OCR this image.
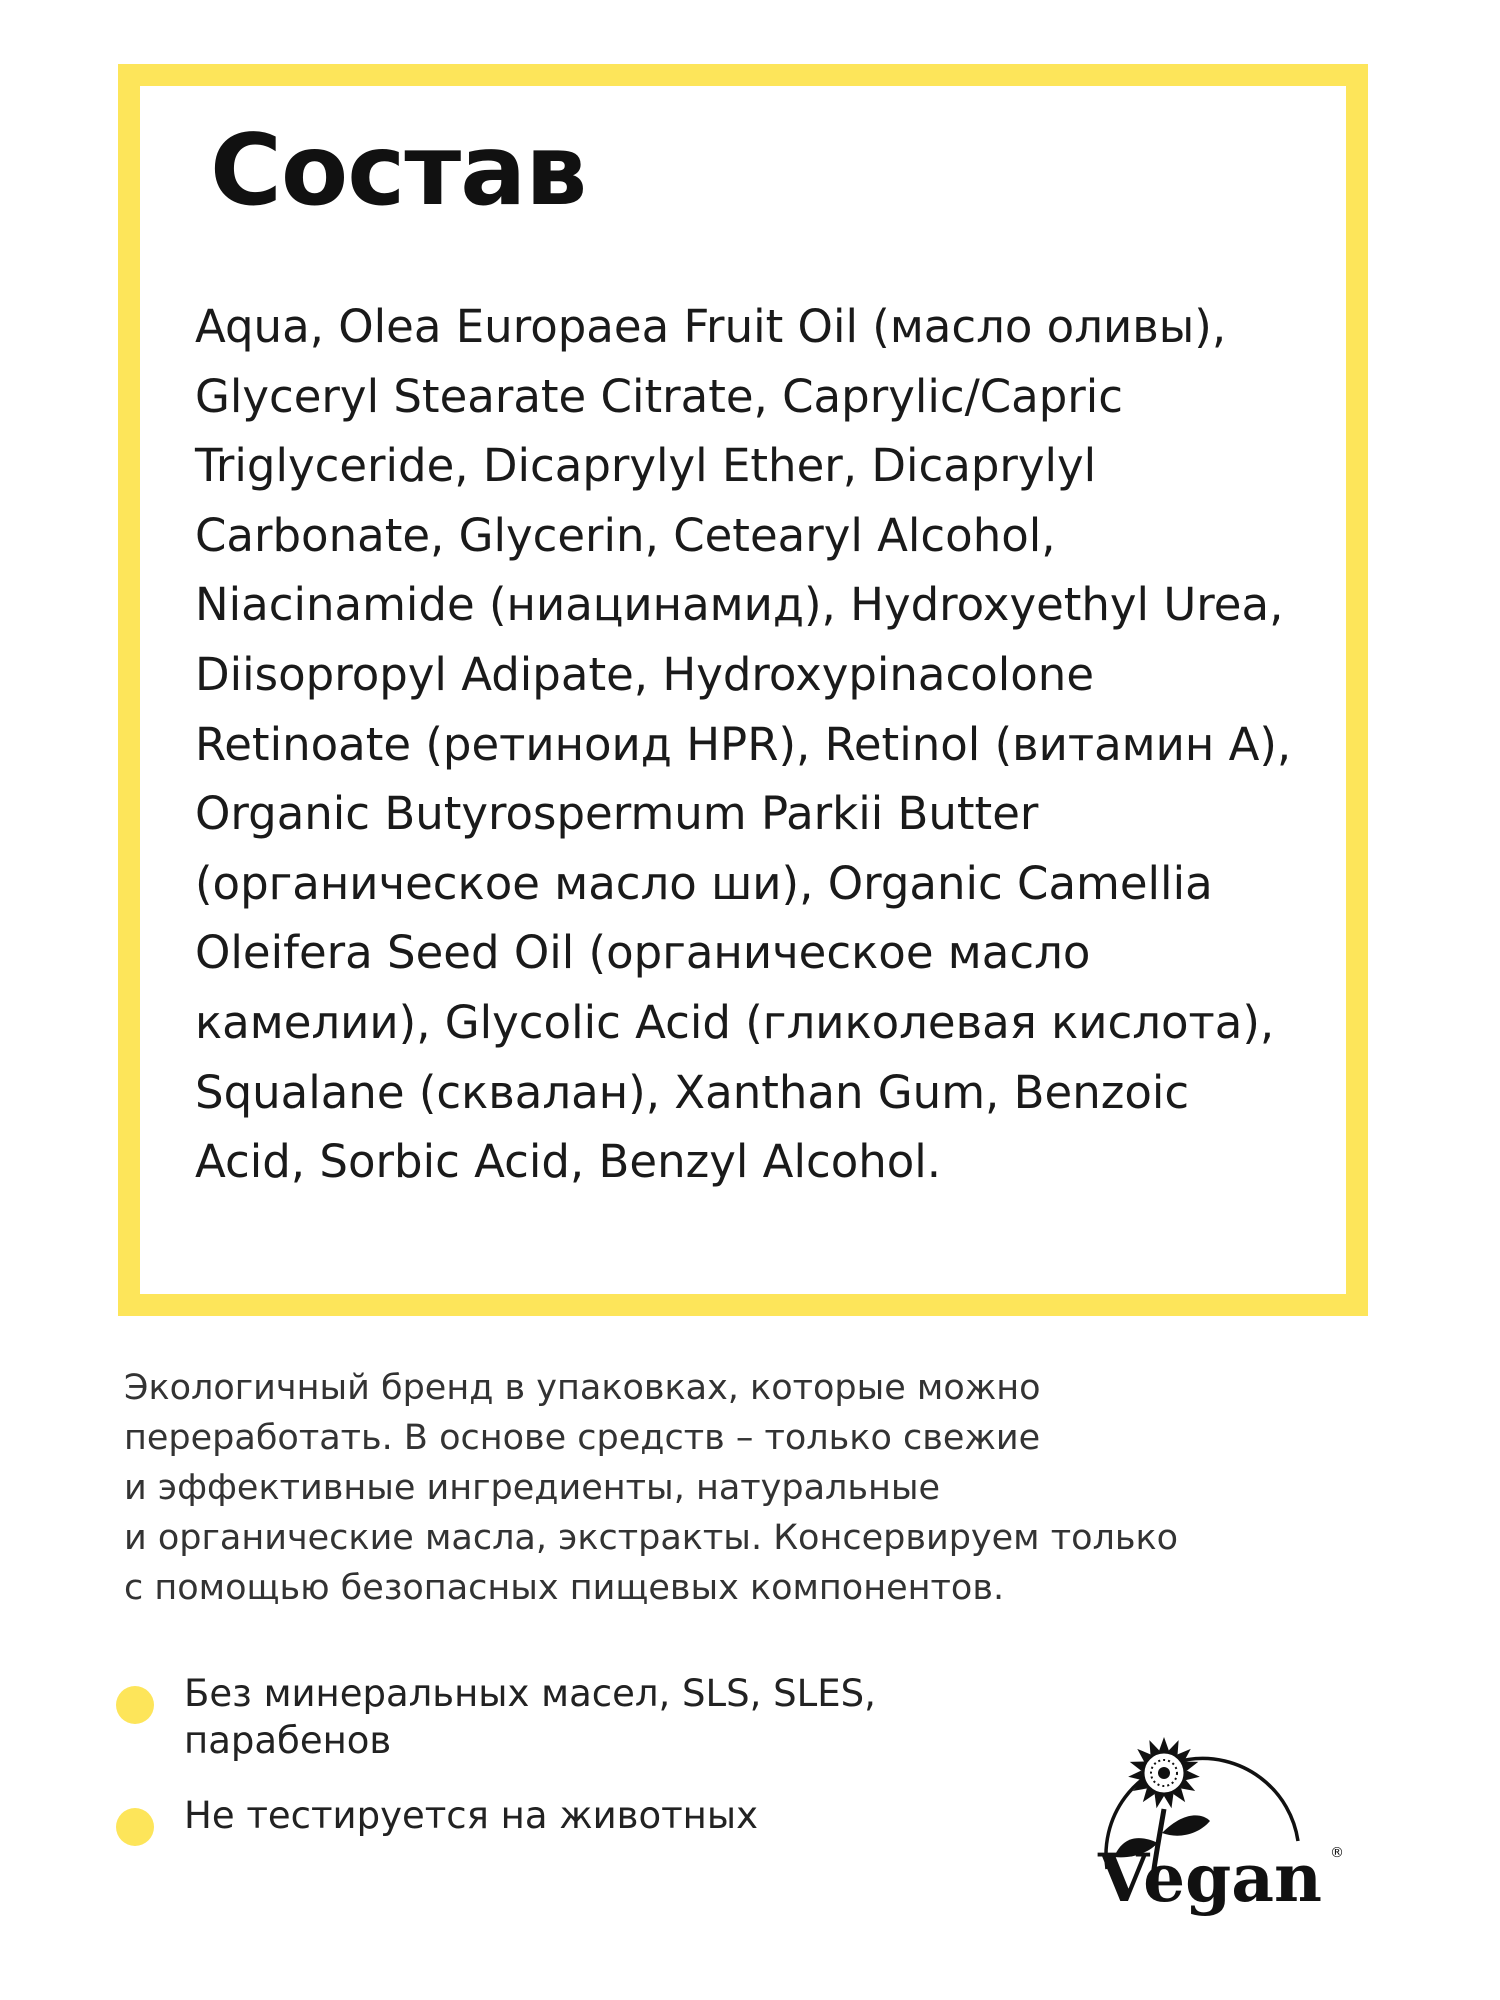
Состав
Aqua, Olea Europaea Fruit Oil (масло оливы),
Glyceryl Stearate Citrate, Caprylic/Capric
Triglyceride, Dicaprylyl Ether, Dicaprylyl
Carbonate, Glycerin, Cetearyl Alcohol,
Niacinamide (ниацинамид), Hydroxyethyl Urea,
Diisopropyl Adipate, Hydroxypinacolone
Retinoate (ретиноид HPR), Retinol (витамин А),
Organic Butyrospermum Parkii Butter
(органическое масло ши), Organic Camellia
Oleifera Seed Oil (органическое масло
камелии), Glycolic Acid (гликолевая кислота),
Squalane (сквалан), Xanthan Gum, Benzoic
Acid, Sorbic Acid, Benzyl Alcohol.
Экологичный бренд в упаковках, которые можно
переработать. В основе средств – только свежие
и эффективные ингредиенты, натуральные
и органические масла, экстракты. Консервируем только
с помощью безопасных пищевых компонентов.
Без минеральных масел, SLS, SLES,
парабенов
Не тестируется на животных
Vegan ®
